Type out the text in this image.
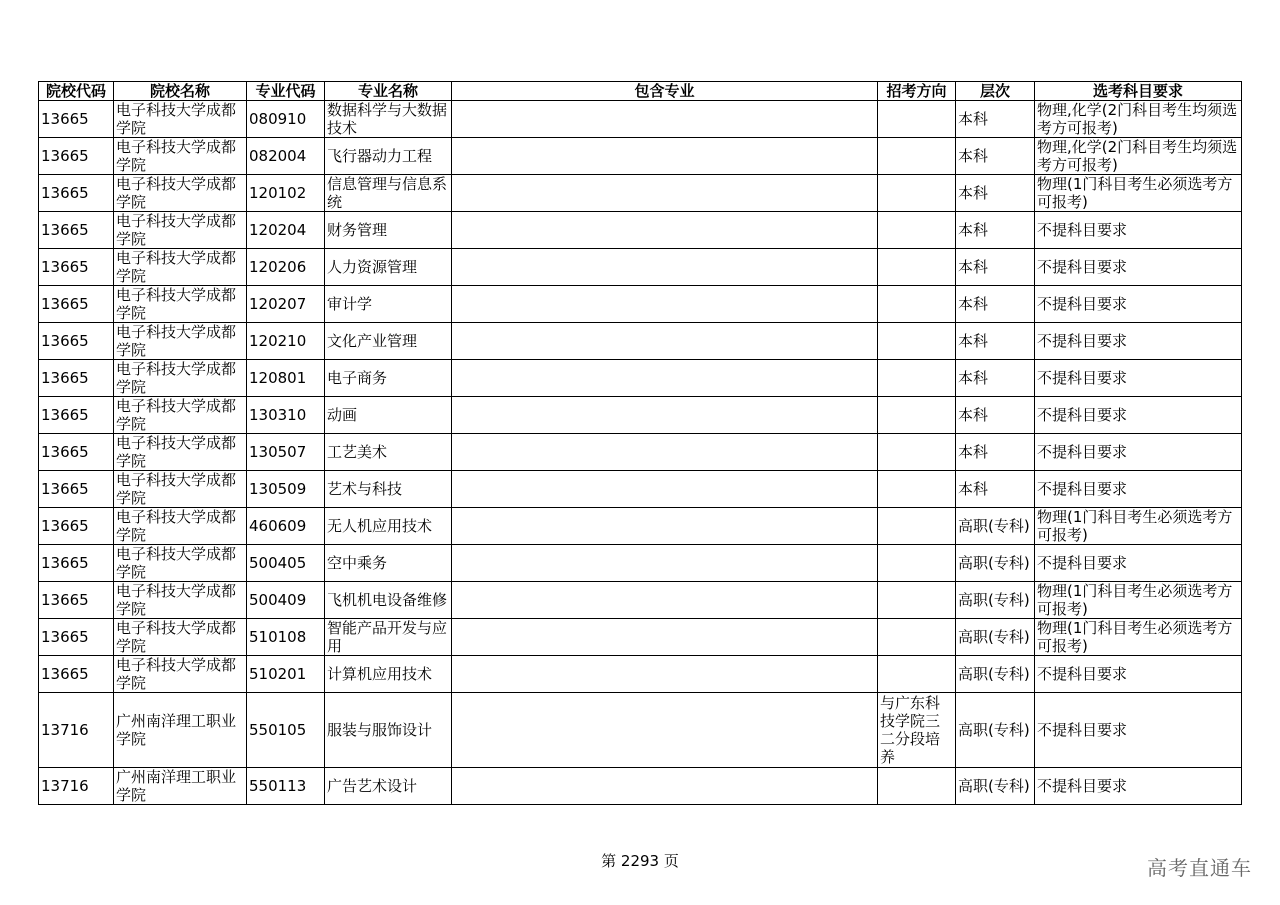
院校代码	院校名称	专业代码	专业名称	包含专业	招考方向	层次	选考科目要求
13665	电子科技大学成都学院	080910	数据科学与大数据技术			本科	物理,化学(2门科目考生均须选考方可报考)
13665	电子科技大学成都学院	082004	飞行器动力工程			本科	物理,化学(2门科目考生均须选考方可报考)
13665	电子科技大学成都学院	120102	信息管理与信息系统			本科	物理(1门科目考生必须选考方可报考)
13665	电子科技大学成都学院	120204	财务管理			本科	不提科目要求
13665	电子科技大学成都学院	120206	人力资源管理			本科	不提科目要求
13665	电子科技大学成都学院	120207	审计学			本科	不提科目要求
13665	电子科技大学成都学院	120210	文化产业管理			本科	不提科目要求
13665	电子科技大学成都学院	120801	电子商务			本科	不提科目要求
13665	电子科技大学成都学院	130310	动画			本科	不提科目要求
13665	电子科技大学成都学院	130507	工艺美术			本科	不提科目要求
13665	电子科技大学成都学院	130509	艺术与科技			本科	不提科目要求
13665	电子科技大学成都学院	460609	无人机应用技术			高职(专科)	物理(1门科目考生必须选考方可报考)
13665	电子科技大学成都学院	500405	空中乘务			高职(专科)	不提科目要求
13665	电子科技大学成都学院	500409	飞机机电设备维修			高职(专科)	物理(1门科目考生必须选考方可报考)
13665	电子科技大学成都学院	510108	智能产品开发与应用			高职(专科)	物理(1门科目考生必须选考方可报考)
13665	电子科技大学成都学院	510201	计算机应用技术			高职(专科)	不提科目要求
13716	广州南洋理工职业学院	550105	服装与服饰设计		与广东科技学院三二分段培养	高职(专科)	不提科目要求
13716	广州南洋理工职业学院	550113	广告艺术设计			高职(专科)	不提科目要求
第 2293 页	高考直通车
